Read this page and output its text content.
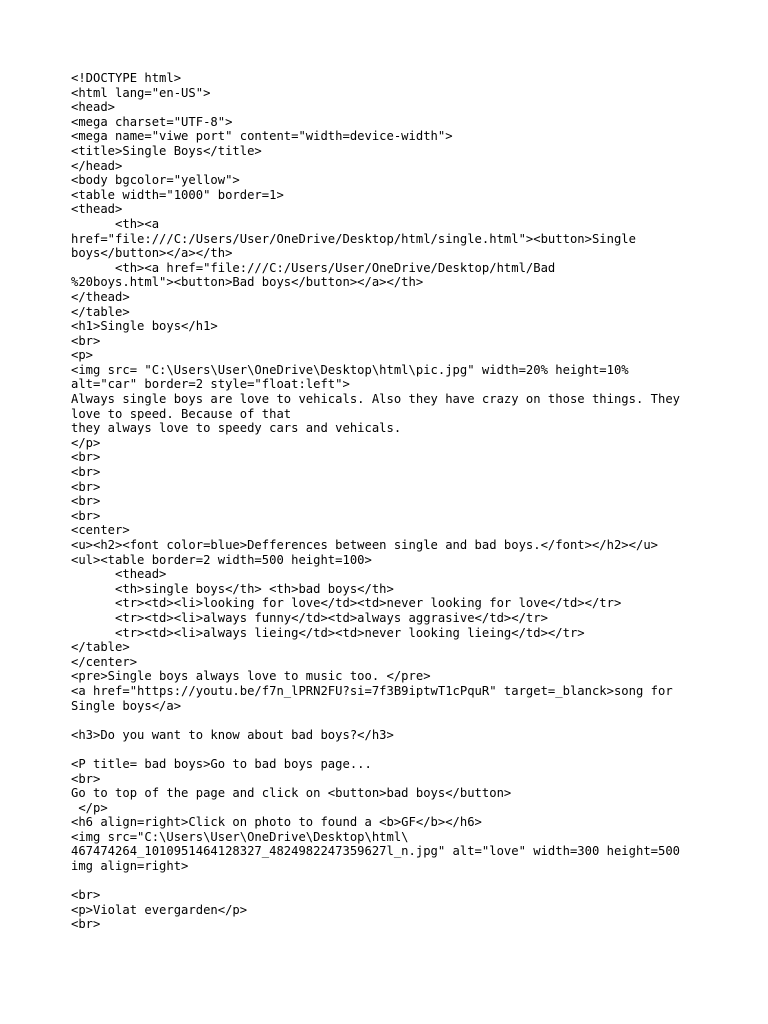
<!DOCTYPE html>
<html lang="en-US">
<head>
<mega charset="UTF-8">
<mega name="viwe port" content="width=device-width">
<title>Single Boys</title>
</head>
<body bgcolor="yellow">
<table width="1000" border=1>
<thead>
<th><a
href="file:///C:/Users/User/OneDrive/Desktop/html/single.html"><button>Single
boys</button></a></th>
<th><a href="file:///C:/Users/User/OneDrive/Desktop/html/Bad
%20boys.html"><button>Bad boys</button></a></th>
</thead>
</table>
<h1>Single boys</h1>
<br>
<p>
<img src= "C:\Users\User\OneDrive\Desktop\html\pic.jpg" width=20% height=10%
alt="car" border=2 style="float:left">
Always single boys are love to vehicals. Also they have crazy on those things. They
love to speed. Because of that
they always love to speedy cars and vehicals.
</p>
<br>
<br>
<br>
<br>
<br>
<center>
<u><h2><font color=blue>Defferences between single and bad boys.</font></h2></u>
<ul><table border=2 width=500 height=100>
<thead>
<th>single boys</th> <th>bad boys</th>
<tr><td><li>looking for love</td><td>never looking for love</td></tr>
<tr><td><li>always funny</td><td>always aggrasive</td></tr>
<tr><td><li>always lieing</td><td>never looking lieing</td></tr>
</table>
</center>
<pre>Single boys always love to music too. </pre>
<a href="https://youtu.be/f7n_lPRN2FU?si=7f3B9iptwT1cPquR" target=_blanck>song for
Single boys</a>
<h3>Do you want to know about bad boys?</h3>
<P title= bad boys>Go to bad boys page...
<br>
Go to top of the page and click on <button>bad boys</button>
</p>
<h6 align=right>Click on photo to found a <b>GF</b></h6>
<img src="C:\Users\User\OneDrive\Desktop\html\
467474264_1010951464128327_4824982247359627l_n.jpg" alt="love" width=300 height=500
img align=right>
<br>
<p>Violat evergarden</p>
<br>
